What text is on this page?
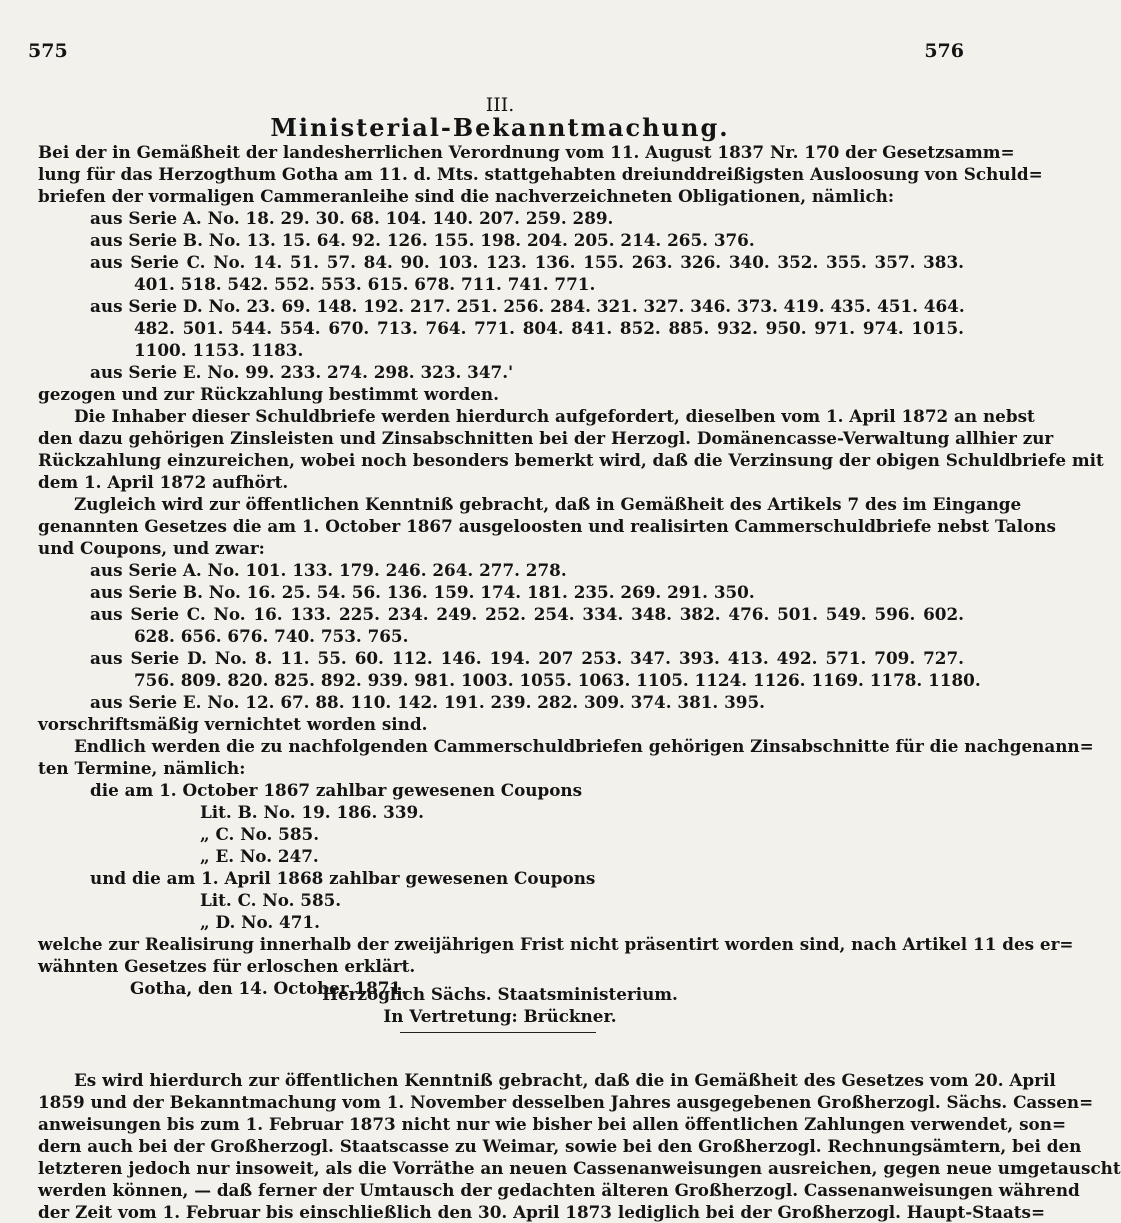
575	576
III.
Ministerial-Bekanntmachung.
Bei der in Gemäßheit der landesherrlichen Verordnung vom 11. August 1837 Nr. 170 der Gesetzsamm=
lung für das Herzogthum Gotha am 11. d. Mts. stattgehabten dreiunddreißigsten Ausloosung von Schuld=
briefen der vormaligen Cammeranleihe sind die nachverzeichneten Obligationen, nämlich:
aus Serie A. No. 18. 29. 30. 68. 104. 140. 207. 259. 289.
aus Serie B. No. 13. 15. 64. 92. 126. 155. 198. 204. 205. 214. 265. 376.
aus Serie C. No. 14. 51. 57. 84. 90. 103. 123. 136. 155. 263. 326. 340. 352. 355. 357. 383.
401. 518. 542. 552. 553. 615. 678. 711. 741. 771.
aus Serie D. No. 23. 69. 148. 192. 217. 251. 256. 284. 321. 327. 346. 373. 419. 435. 451. 464.
482. 501. 544. 554. 670. 713. 764. 771. 804. 841. 852. 885. 932. 950. 971. 974. 1015.
1100. 1153. 1183.
aus Serie E. No. 99. 233. 274. 298. 323. 347.'
gezogen und zur Rückzahlung bestimmt worden.
Die Inhaber dieser Schuldbriefe werden hierdurch aufgefordert, dieselben vom 1. April 1872 an nebst
den dazu gehörigen Zinsleisten und Zinsabschnitten bei der Herzogl. Domänencasse-Verwaltung allhier zur
Rückzahlung einzureichen, wobei noch besonders bemerkt wird, daß die Verzinsung der obigen Schuldbriefe mit
dem 1. April 1872 aufhört.
Zugleich wird zur öffentlichen Kenntniß gebracht, daß in Gemäßheit des Artikels 7 des im Eingange
genannten Gesetzes die am 1. October 1867 ausgeloosten und realisirten Cammerschuldbriefe nebst Talons
und Coupons, und zwar:
aus Serie A. No. 101. 133. 179. 246. 264. 277. 278.
aus Serie B. No. 16. 25. 54. 56. 136. 159. 174. 181. 235. 269. 291. 350.
aus Serie C. No. 16. 133. 225. 234. 249. 252. 254. 334. 348. 382. 476. 501. 549. 596. 602.
628. 656. 676. 740. 753. 765.
aus Serie D. No. 8. 11. 55. 60. 112. 146. 194. 207 253. 347. 393. 413. 492. 571. 709. 727.
756. 809. 820. 825. 892. 939. 981. 1003. 1055. 1063. 1105. 1124. 1126. 1169. 1178. 1180.
aus Serie E. No. 12. 67. 88. 110. 142. 191. 239. 282. 309. 374. 381. 395.
vorschriftsmäßig vernichtet worden sind.
Endlich werden die zu nachfolgenden Cammerschuldbriefen gehörigen Zinsabschnitte für die nachgenann=
ten Termine, nämlich:
die am 1. October 1867 zahlbar gewesenen Coupons
Lit. B. No. 19. 186. 339.
„ C. No. 585.
„ E. No. 247.
und die am 1. April 1868 zahlbar gewesenen Coupons
Lit. C. No. 585.
„ D. No. 471.
welche zur Realisirung innerhalb der zweijährigen Frist nicht präsentirt worden sind, nach Artikel 11 des er=
wähnten Gesetzes für erloschen erklärt.
Gotha, den 14. October 1871.
Herzoglich Sächs. Staatsministerium.
In Vertretung: Brückner.
Es wird hierdurch zur öffentlichen Kenntniß gebracht, daß die in Gemäßheit des Gesetzes vom 20. April
1859 und der Bekanntmachung vom 1. November desselben Jahres ausgegebenen Großherzogl. Sächs. Cassen=
anweisungen bis zum 1. Februar 1873 nicht nur wie bisher bei allen öffentlichen Zahlungen verwendet, son=
dern auch bei der Großherzogl. Staatscasse zu Weimar, sowie bei den Großherzogl. Rechnungsämtern, bei den
letzteren jedoch nur insoweit, als die Vorräthe an neuen Cassenanweisungen ausreichen, gegen neue umgetauscht
werden können, — daß ferner der Umtausch der gedachten älteren Großherzogl. Cassenanweisungen während
der Zeit vom 1. Februar bis einschließlich den 30. April 1873 lediglich bei der Großherzogl. Haupt-Staats=
